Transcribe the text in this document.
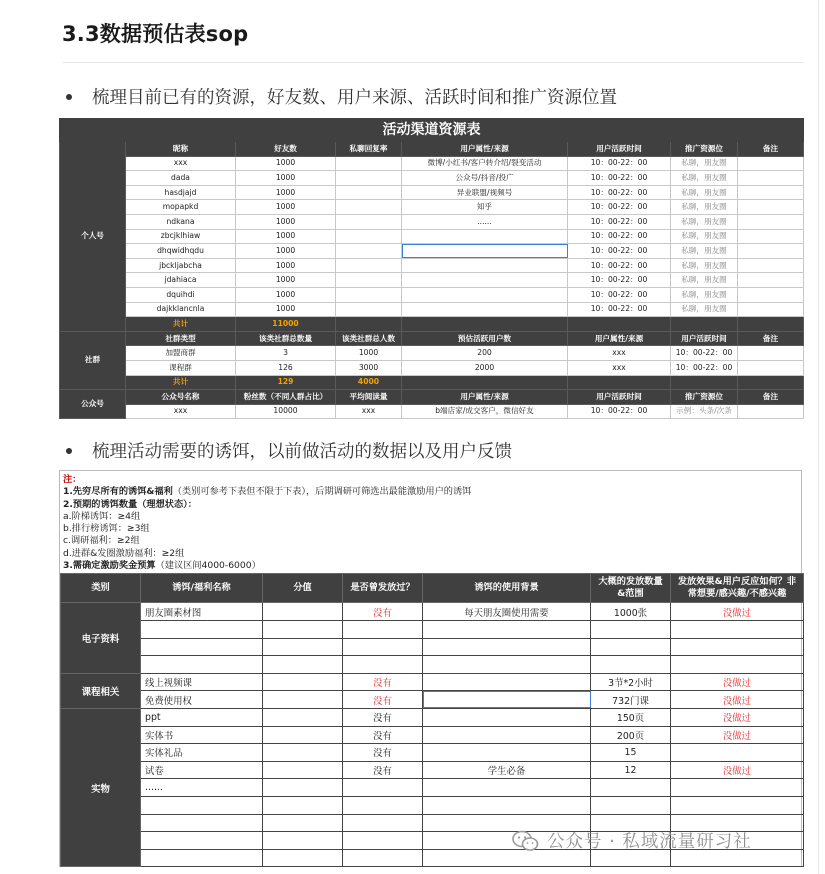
3.3数据预估表sop
梳理目前已有的资源，好友数、用户来源、活跃时间和推广资源位置
活动渠道资源表							
个人号	昵称	好友数	私聊回复率	用户属性/来源	用户活跃时间	推广资源位	备注
	xxx	1000		微博/小红书/客户转介绍/裂变活动	10：00-22：00	私聊，朋友圈	
	dada	1000		公众号/抖音/投广	10：00-22：00	私聊，朋友圈	
	hasdjajd	1000		异业联盟/视频号	10：00-22：00	私聊，朋友圈	
	mopapkd	1000		知乎	10：00-22：00	私聊，朋友圈	
	ndkana	1000		......	10：00-22：00	私聊，朋友圈	
	zbcjklhiaw	1000			10：00-22：00	私聊，朋友圈	
	dhqwidhqdu	1000			10：00-22：00	私聊，朋友圈	
	jbckljabcha	1000			10：00-22：00	私聊，朋友圈	
	jdahiaca	1000			10：00-22：00	私聊，朋友圈	
	dquihdi	1000			10：00-22：00	私聊，朋友圈	
	dajkklancnla	1000			10：00-22：00	私聊，朋友圈	
	共计	11000					
社群	社群类型	该类社群总数量	该类社群总人数	预估活跃用户数	用户属性/来源	用户活跃时间	备注
	加盟商群	3	1000	200	xxx	10：00-22：00	
	课程群	126	3000	2000	xxx	10：00-22：00	
	共计	129	4000				
公众号	公众号名称	粉丝数（不同人群占比）	平均阅读量	用户属性/来源	用户活跃时间	推广资源位	备注
	xxx	10000	xxx	b端店家/成交客户，微信好友	10：00-22：00	示例：头条/次条	
梳理活动需要的诱饵，以前做活动的数据以及用户反馈
注：
1.先穷尽所有的诱饵&福利（类别可参考下表但不限于下表），后期调研可筛选出最能激励用户的诱饵
2.预期的诱饵数量（理想状态）：
a.阶梯诱饵：≥4组
b.排行榜诱饵：≥3组
c.调研福利：≥2组
d.进群&发圈激励福利：≥2组
3.需确定激励奖金预算（建议区间4000-6000）
类别	诱饵/福利名称	分值	是否曾发放过？	诱饵的使用背景	大概的发放数量&范围	发放效果&用户反应如何？非常想要/感兴趣/不感兴趣
电子资料	朋友圈素材图		没有	每天朋友圈使用需要	1000张	没做过

课程相关	线上视频课		没有		3节*2小时	没做过
	免费使用权		没有		732门课	没做过
实物	ppt		没有		150页	没做过
	实体书		没有		200页	没做过
	实体礼品		没有		15	
	试卷		没有	学生必备	12	没做过
	......					

公众号 · 私域流量研习社
